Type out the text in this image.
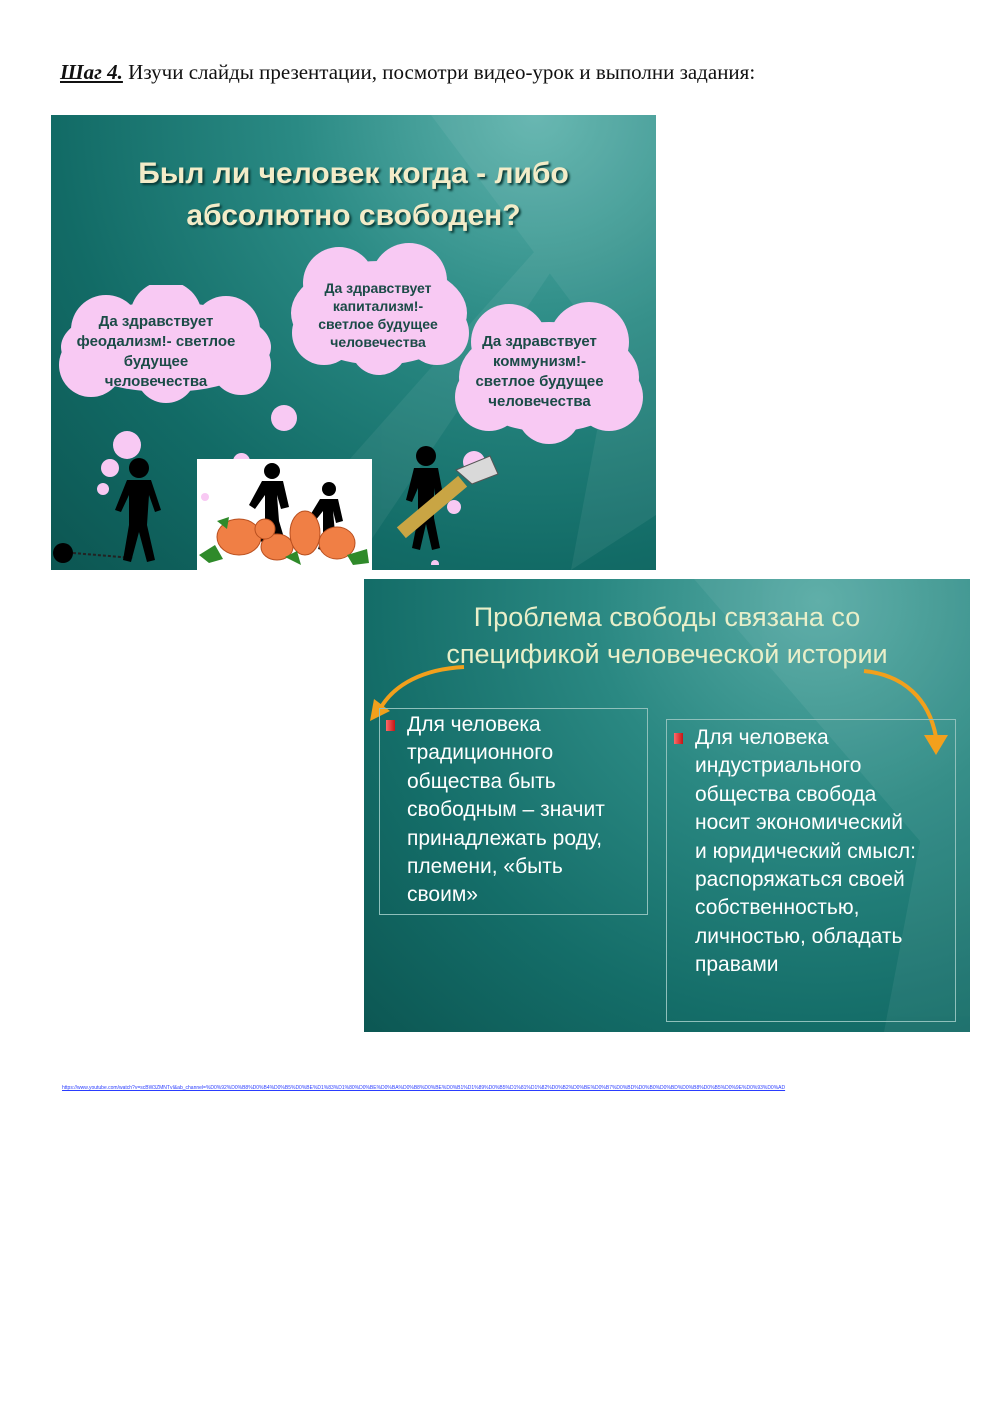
Шаг 4. Изучи слайды презентации, посмотри видео-урок и выполни задания:
Был ли человек когда - либо
абсолютно свободен?
Да здравствует
феодализм!- светлое
будущее
человечества
Да здравствует
капитализм!-
светлое будущее
человечества	Да здравствует
коммунизм!-
светлое будущее
человечества
Проблема свободы связана со
спецификой человеческой истории
Для человека
традиционного
общества быть
свободным – значит
принадлежать роду,
племени, «быть
своим»
Для человека
индустриального
общества свобода
носит экономический
и юридический смысл:
распоряжаться своей
собственностью,
личностью, обладать
правами
https://www.youtube.com/watch?v=scBW3ZMNTvI&ab_channel=%D0%92%D0%B8%D0%B4%D0%B5%D0%BE%D1%83%D1%80%D0%BE%D0%BA%D0%B8%D0%BE%D0%B1%D1%89%D0%B5%D1%81%D1%82%D0%B2%D0%BE%D0%B7%D0%BD%D0%B0%D0%BD%D0%B8%D0%B5%D0%9E%D0%93%D0%AD
